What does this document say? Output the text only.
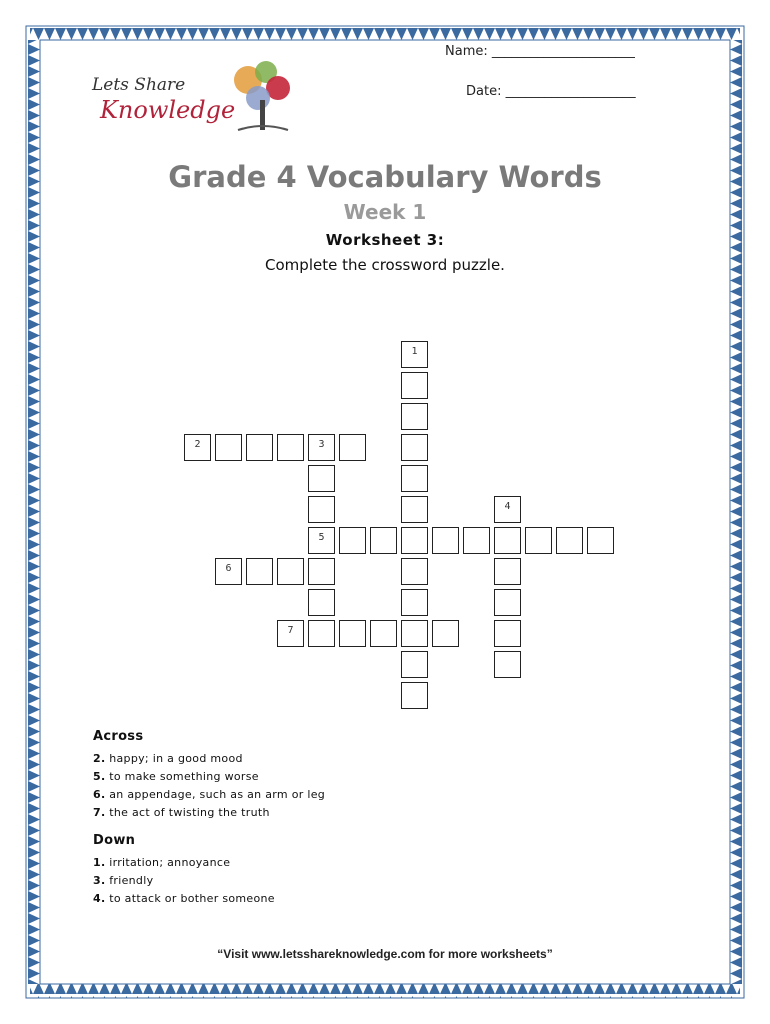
Name: ______________________
Date: ____________________
Lets Share
Knowledge
Grade 4 Vocabulary Words
Week 1
Worksheet 3:
Complete the crossword puzzle.
1
2	3
5
4
6
7
Across
2. happy; in a good mood
5. to make something worse
6. an appendage, such as an arm or leg
7. the act of twisting the truth
Down
1. irritation; annoyance
3. friendly
4. to attack or bother someone
“Visit www.letsshareknowledge.com for more worksheets”
